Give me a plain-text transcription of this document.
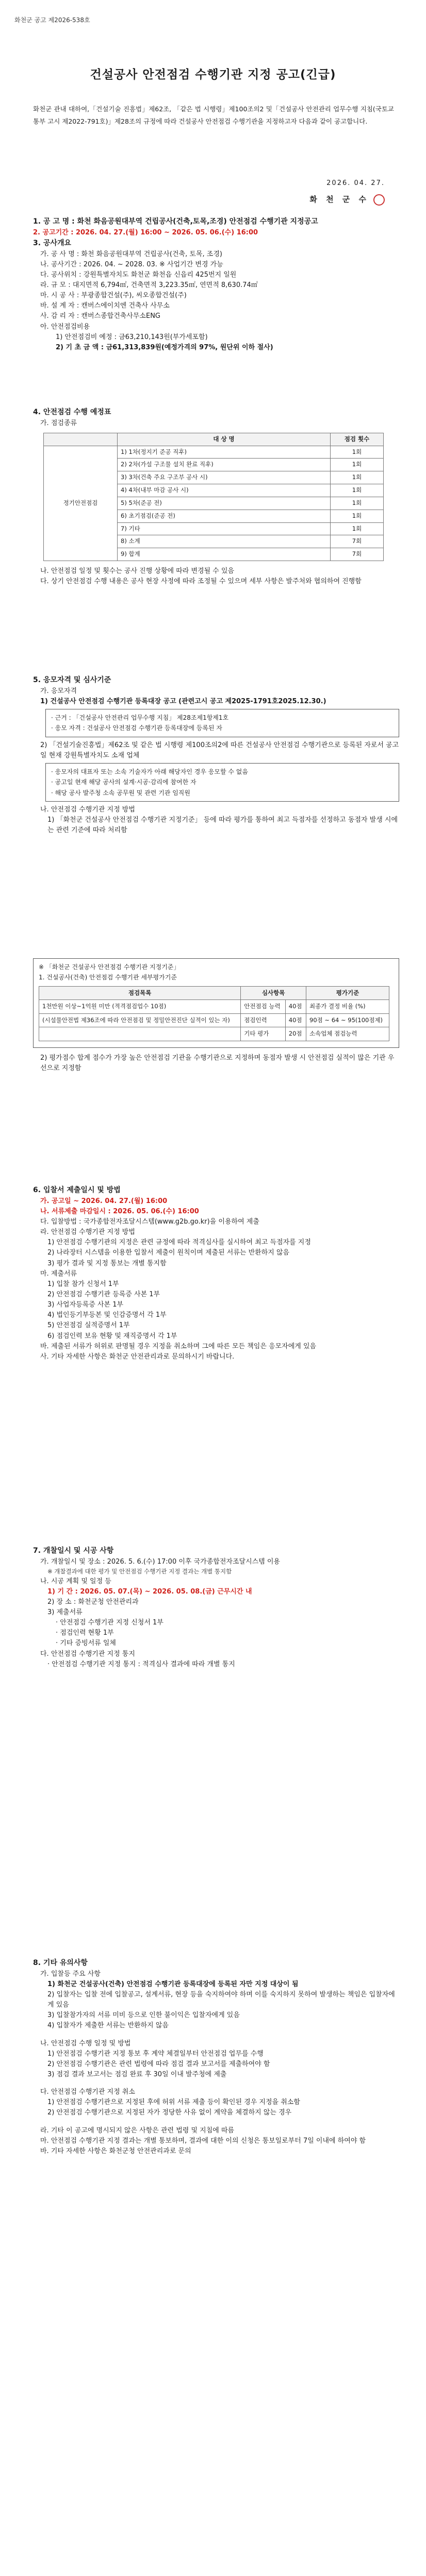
화천군 공고 제2026-538호
건설공사 안전점검 수행기관 지정 공고(긴급)
화천군 관내 대하여,「건설기술 진흥법」제62조, 「같은 법 시행령」제100조의2 및「건설공사 안전관리 업무수행 지침(국토교통부 고시 제2022-791호)」제28조의 규정에 따라 건설공사 안전점검 수행기관을 지정하고자 다음과 같이 공고합니다.
2026. 04. 27.
화 천 군 수

1. 공 고 명 : 화천 화음공원대부역 건립공사(건축,토목,조경) 안전점검 수행기관 지정공고

2. 공고기간 : 2026. 04. 27.(월) 16:00 ~ 2026. 05. 06.(수) 16:00

3. 공사개요

가. 공 사 명 : 화천 화음공원대부역 건립공사(건축, 토목, 조경)

나. 공사기간 : 2026. 04. ~ 2028. 03. ※ 사업기간 변경 가능

다. 공사위치 : 강원특별자치도 화천군 화천읍 신읍리 425번지 일원

라. 규 모 : 대지면적 6,794㎡, 건축면적 3,223.35㎡, 연면적 8,630.74㎡

마. 시 공 사 : 부광종합건설(주), 씨오종합건설(주)

바. 설 계 자 : 캔버스에이치엔 건축사 사무소

사. 감 리 자 : 캔버스종합건축사무소ENG

아. 안전점검비용

1) 안전점검비 예정 : 금63,210,143원(부가세포함)

2) 기 초 금 액 : 금61,313,839원(예정가격의 97%, 원단위 이하 절사)

4. 안전점검 수행 예정표

가. 점검종류

	대 상 명	점검 횟수
정기안전점검	1) 1차(정지기 준공 직후)	1회
	2) 2차(가설 구조물 설치 완료 직후)	1회
	3) 3차(건축 주요 구조부 공사 시)	1회
	4) 4차(내부 마감 공사 시)	1회
	5) 5차(준공 전)	1회
	6) 초기점검(준공 전)	1회
	7) 기타	1회
	8) 소계	7회
	9) 합계	7회

나. 안전점검 일정 및 횟수는 공사 진행 상황에 따라 변경될 수 있음

다. 상기 안전점검 수행 내용은 공사 현장 사정에 따라 조정될 수 있으며 세부 사항은 발주처와 협의하여 진행함

5. 응모자격 및 심사기준

가. 응모자격

1) 건설공사 안전점검 수행기관 등록대장 공고 (관련고시 공고 제2025-1791호2025.12.30.)

· 근거 : 「건설공사 안전관리 업무수행 지침」 제28조제1항제1호

· 응모 자격 : 건설공사 안전점검 수행기관 등록대장에 등록된 자

2) 「건설기술진흥법」제62조 및 같은 법 시행령 제100조의2에 따른 건설공사 안전점검 수행기관으로 등록된 자로서 공고일 현재 강원특별자치도 소재 업체

· 응모자의 대표자 또는 소속 기술자가 아래 해당자인 경우 응모할 수 없음

· 공고일 현재 해당 공사의 설계·시공·감리에 참여한 자

· 해당 공사 발주청 소속 공무원 및 관련 기관 임직원

나. 안전점검 수행기관 지정 방법

1) 「화천군 건설공사 안전점검 수행기관 지정기준」 등에 따라 평가를 통하여 최고 득점자를 선정하고 동점자 발생 시에는 관련 기준에 따라 처리함

※ 「화천군 건설공사 안전점검 수행기관 지정기준」

1. 건설공사(건축) 안전점검 수행기관 세부평가기준

점검목록	심사항목		평가기준
1천만원 이상~1억원 미만 (적격점검업수 10점)	안전점검 능력	40점	최종가 결정 비율 (%)
(시설물안전법 제36조에 따라 안전점검 및 정밀안전진단 실적이 있는 자)	점검인력	40점	90점 ~ 64 ~ 95(100점제)
	기타 평가	20점	소속업체 점검능력

2) 평가점수 합계 점수가 가장 높은 안전점검 기관을 수행기관으로 지정하며 동점자 발생 시 안전점검 실적이 많은 기관 우선으로 지정함

6. 입찰서 제출일시 및 방법

가. 공고일 ~ 2026. 04. 27.(월) 16:00

나. 서류제출 마감일시 : 2026. 05. 06.(수) 16:00

다. 입찰방법 : 국가종합전자조달시스템(www.g2b.go.kr)을 이용하여 제출

라. 안전점검 수행기관 지정 방법

1) 안전점검 수행기관의 지정은 관련 규정에 따라 적격심사를 실시하여 최고 득점자를 지정

2) 나라장터 시스템을 이용한 입찰서 제출이 원칙이며 제출된 서류는 반환하지 않음

3) 평가 결과 및 지정 통보는 개별 통지함

마. 제출서류

1) 입찰 참가 신청서 1부

2) 안전점검 수행기관 등록증 사본 1부

3) 사업자등록증 사본 1부

4) 법인등기부등본 및 인감증명서 각 1부

5) 안전점검 실적증명서 1부

6) 점검인력 보유 현황 및 재직증명서 각 1부

바. 제출된 서류가 허위로 판명될 경우 지정을 취소하며 그에 따른 모든 책임은 응모자에게 있음

사. 기타 자세한 사항은 화천군 안전관리과로 문의하시기 바랍니다.

7. 개찰일시 및 시공 사항

가. 개찰일시 및 장소 : 2026. 5. 6.(수) 17:00 이후 국가종합전자조달시스템 이용

※ 개찰결과에 대한 평가 및 안전점검 수행기관 지정 결과는 개별 통지함

나. 시공 계획 및 일정 등

1) 기 간 : 2026. 05. 07.(목) ~ 2026. 05. 08.(금) 근무시간 내

2) 장 소 : 화천군청 안전관리과

3) 제출서류

· 안전점검 수행기관 지정 신청서 1부

· 점검인력 현황 1부

· 기타 증빙서류 일체

다. 안전점검 수행기관 지정 통지

· 안전점검 수행기관 지정 통지 : 적격심사 결과에 따라 개별 통지

8. 기타 유의사항

가. 입찰등 주요 사항

1) 화천군 건설공사(건축) 안전점검 수행기관 등록대장에 등록된 자만 지정 대상이 됨

2) 입찰자는 입찰 전에 입찰공고, 설계서류, 현장 등을 숙지하여야 하며 이를 숙지하지 못하여 발생하는 책임은 입찰자에게 있음

3) 입찰참가자의 서류 미비 등으로 인한 불이익은 입찰자에게 있음

4) 입찰자가 제출한 서류는 반환하지 않음

나. 안전점검 수행 일정 및 방법

1) 안전점검 수행기관 지정 통보 후 계약 체결일부터 안전점검 업무를 수행

2) 안전점검 수행기관은 관련 법령에 따라 점검 결과 보고서를 제출하여야 함

3) 점검 결과 보고서는 점검 완료 후 30일 이내 발주청에 제출

다. 안전점검 수행기관 지정 취소

1) 안전점검 수행기관으로 지정된 후에 허위 서류 제출 등이 확인된 경우 지정을 취소함

2) 안전점검 수행기관으로 지정된 자가 정당한 사유 없이 계약을 체결하지 않는 경우

라. 기타 이 공고에 명시되지 않은 사항은 관련 법령 및 지침에 따름

마. 안전점검 수행기관 지정 결과는 개별 통보하며, 결과에 대한 이의 신청은 통보일로부터 7일 이내에 하여야 함

바. 기타 자세한 사항은 화천군청 안전관리과로 문의
